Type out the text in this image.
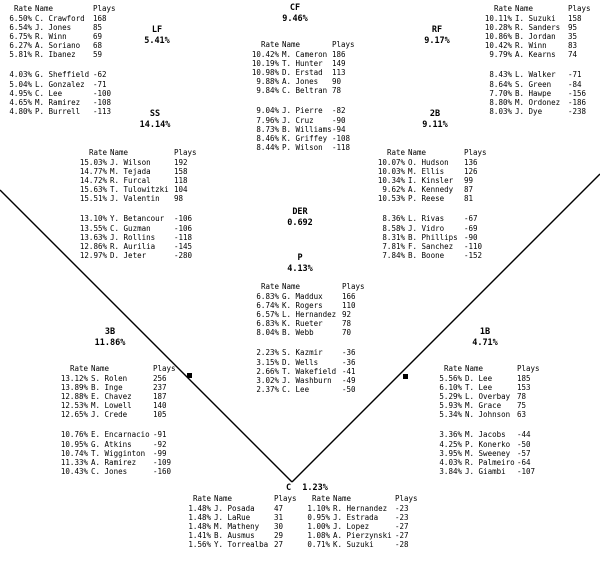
LF
5.41%
Rate Name	Plays
6.50% C. Crawford	168
6.54% J. Jones	85
6.75% R. Winn	69
6.27% A. Soriano	68
5.81% R. Ibanez	59
4.03% G. Sheffield -62
5.04% L. Gonzalez	-71
4.95% C. Lee	-100
4.65% M. Ramirez	-108
4.80% P. Burrell	-113
CF
9.46%
Rate Name	Plays
10.42% M. Cameron 186
10.19% T. Hunter	149
10.98% D. Erstad	113
9.88% A. Jones	90
9.84% C. Beltran 78
9.04% J. Pierre	-82
7.96% J. Cruz	-90
8.73% B. Williams -94
8.46% K. Griffey -108
8.44% P. Wilson	-118
RF
9.17%
Rate Name	Plays
10.11% I. Suzuki	158
10.28% R. Sanders	95
10.86% B. Jordan	35
10.42% R. Winn	83
9.79% A. Kearns	74
8.43% L. Walker	-71
8.64% S. Green	-84
7.70% B. Hawpe	-156
8.80% M. Ordonez	-186
8.03% J. Dye	-238
SS
14.14%
Rate Name	Plays
15.03% J. Wilson	192
14.77% M. Tejada	158
14.72% R. Furcal	118
15.63% T. Tulowitzki 104
15.51% J. Valentin	98
13.10% Y. Betancour	-106
13.55% C. Guzman	-106
13.63% J. Rollins	-118
12.86% R. Aurilia	-145
12.97% D. Jeter	-280
2B
9.11%
Rate Name	Plays
10.07% O. Hudson	136
10.03% M. Ellis	126
10.34% I. Kinsler	99
9.62% A. Kennedy	87
10.53% P. Reese	81
8.36% L. Rivas	-67
8.58% J. Vidro	-69
8.31% B. Phillips -90
7.81% F. Sanchez	-110
7.84% B. Boone	-152
DER
0.692
P
4.13%
Rate Name	Plays
6.83% G. Maddux	166
6.74% K. Rogers	110
6.57% L. Hernandez 92
6.83% K. Rueter	78
8.04% B. Webb	70
2.23% S. Kazmir	-36
3.15% D. Wells	-36
2.66% T. Wakefield -41
3.02% J. Washburn	-49
2.37% C. Lee	-50
3B
11.86%
Rate Name	Plays
13.12% S. Rolen	256
13.89% B. Inge	237
12.88% E. Chavez	187
12.53% M. Lowell	140
12.65% J. Crede	105
10.76% E. Encarnacio -91
10.95% G. Atkins	-92
10.74% T. Wigginton	-99
11.33% A. Ramirez	-109
10.43% C. Jones	-160
1B
4.71%
Rate Name	Plays
5.56% D. Lee	185
6.10% T. Lee	153
5.29% L. Overbay 78
5.93% M. Grace	75
5.34% N. Johnson 63
3.36% M. Jacobs	-44
4.25% P. Konerko -50
3.95% M. Sweeney -57
4.03% R. Palmeiro -64
3.84% J. Giambi	-107
C 1.23%
Rate Name	Plays
1.48% J. Posada	47
1.48% J. LaRue	31
1.48% M. Matheny	30
1.41% B. Ausmus	29
1.56% Y. Torrealba 27
Rate Name	Plays
1.10% R. Hernandez	-23
0.95% J. Estrada	-23
1.00% J. Lopez	-27
1.08% A. Pierzynski -27
0.71% K. Suzuki	-28
